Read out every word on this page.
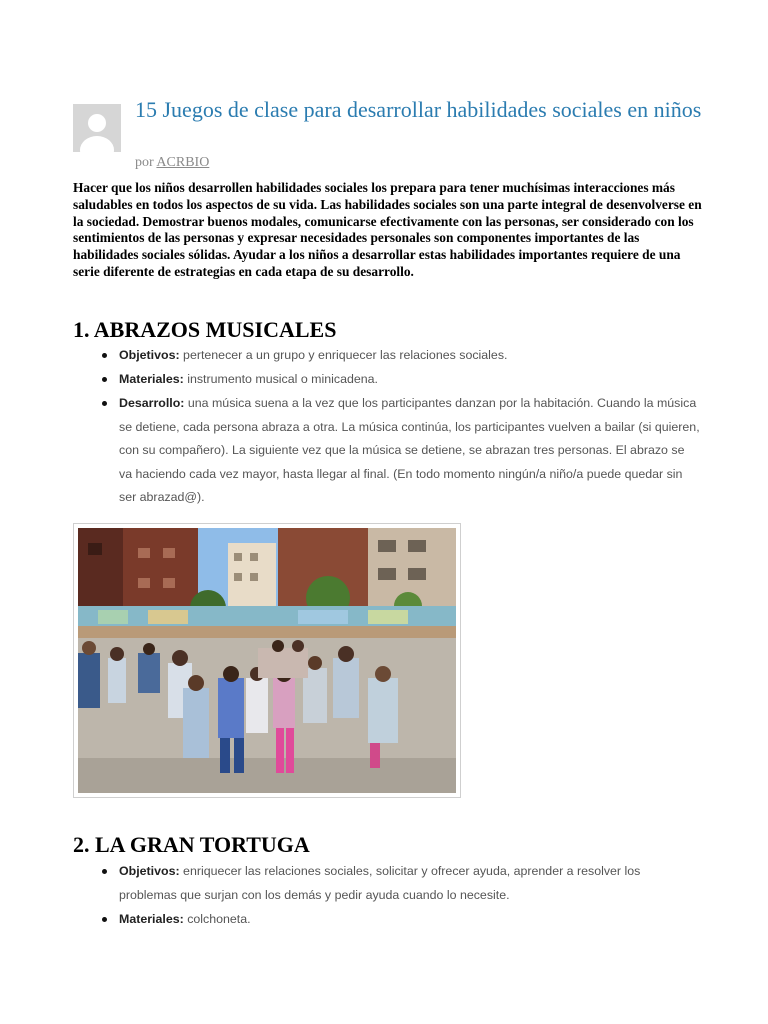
15 Juegos de clase para desarrollar habilidades sociales en niños
por ACRBIO

Hacer que los niños desarrollen habilidades sociales los prepara para tener muchísimas interacciones más saludables en todos los aspectos de su vida. Las habilidades sociales son una parte integral de desenvolverse en la sociedad. Demostrar buenos modales, comunicarse efectivamente con las personas, ser considerado con los sentimientos de las personas y expresar necesidades personales son componentes importantes de las habilidades sociales sólidas. Ayudar a los niños a desarrollar estas habilidades importantes requiere de una serie diferente de estrategias en cada etapa de su desarrollo.

1. ABRAZOS MUSICALES
Objetivos: pertenecer a un grupo y enriquecer las relaciones sociales.
Materiales: instrumento musical o minicadena.
Desarrollo: una música suena a la vez que los participantes danzan por la habitación. Cuando la música se detiene, cada persona abraza a otra. La música continúa, los participantes vuelven a bailar (si quieren, con su compañero). La siguiente vez que la música se detiene, se abrazan tres personas. El abrazo se va haciendo cada vez mayor, hasta llegar al final. (En todo momento ningún/a niño/a puede quedar sin ser abrazad@).
2. LA GRAN TORTUGA
Objetivos: enriquecer las relaciones sociales, solicitar y ofrecer ayuda, aprender a resolver los problemas que surjan con los demás y pedir ayuda cuando lo necesite.
Materiales: colchoneta.
